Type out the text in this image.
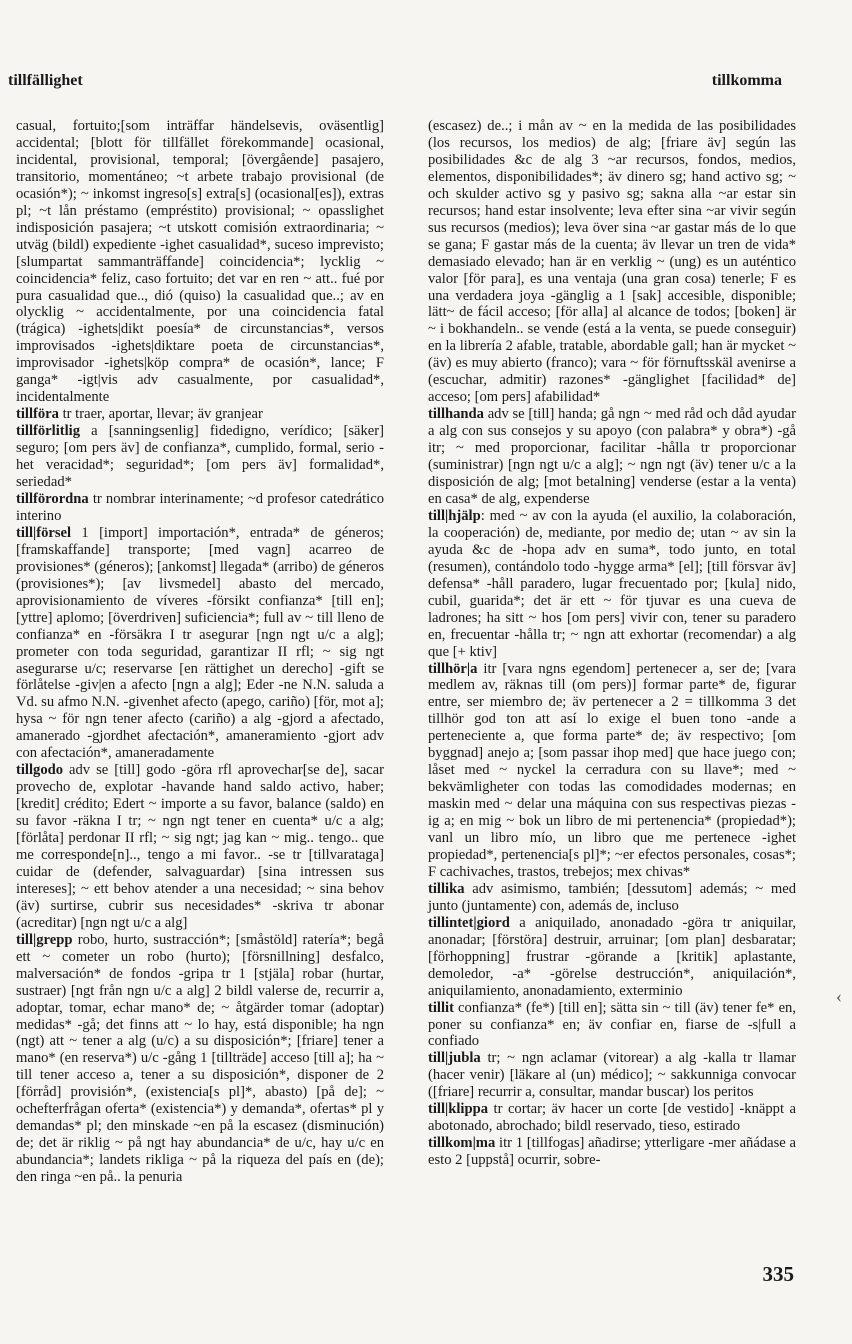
tillfällighet	tillkomma

casual, fortuito;[som inträffar händelsevis, oväsentlig] accidental; [blott för tillfället förekommande] ocasional, incidental, provisional, temporal; [övergående] pasajero, transitorio, momentáneo; ~t arbete trabajo provisional (de ocasión*); ~ inkomst ingreso[s] extra[s] (ocasional[es]), extras pl; ~t lån préstamo (empréstito) provisional; ~ opasslighet indisposición pasajera; ~t utskott comisión extraordinaria; ~ utväg (bildl) expediente -ighet casualidad*, suceso imprevisto; [slumpartat sammanträffande] coincidencia*; lycklig ~ coincidencia* feliz, caso fortuito; det var en ren ~ att.. fué por pura casualidad que.., dió (quiso) la casualidad que..; av en olycklig ~ accidentalmente, por una coincidencia fatal (trágica) -ighets|dikt poesía* de circunstancias*, versos improvisados -ighets|diktare poeta de circunstancias*, improvisador -ighets|köp compra* de ocasión*, lance; F ganga* -igt|vis adv casualmente, por casualidad*, incidentalmente

tillföra tr traer, aportar, llevar; äv granjear

tillförlitlig a [sanningsenlig] fidedigno, verídico; [säker] seguro; [om pers äv] de confianza*, cumplido, formal, serio -het veracidad*; seguridad*; [om pers äv] formalidad*, seriedad*

tillförordna tr nombrar interinamente; ~d profesor catedrático interino

till|försel 1 [import] importación*, entrada* de géneros; [framskaffande] transporte; [med vagn] acarreo de provisiones* (géneros); [ankomst] llegada* (arribo) de géneros (provisiones*); [av livsmedel] abasto del mercado, aprovisionamiento de víveres -försikt confianza* [till en]; [yttre] aplomo; [överdriven] suficiencia*; full av ~ till lleno de confianza* en -försäkra I tr asegurar [ngn ngt u/c a alg]; prometer con toda seguridad, garantizar II rfl; ~ sig ngt asegurarse u/c; reservarse [en rättighet un derecho] -gift se förlåtelse -giv|en a afecto [ngn a alg]; Eder -ne N.N. saluda a Vd. su afmo N.N. -givenhet afecto (apego, cariño) [för, mot a]; hysa ~ för ngn tener afecto (cariño) a alg -gjord a afectado, amanerado -gjordhet afectación*, amaneramiento -gjort adv con afectación*, amaneradamente

tillgodo adv se [till] godo -göra rfl aprovechar[se de], sacar provecho de, explotar -havande hand saldo activo, haber; [kredit] crédito; Edert ~ importe a su favor, balance (saldo) en su favor -räkna I tr; ~ ngn ngt tener en cuenta* u/c a alg; [förlåta] perdonar II rfl; ~ sig ngt; jag kan ~ mig.. tengo.. que me corresponde[n].., tengo a mi favor.. -se tr [tillvarataga] cuidar de (defender, salvaguardar) [sina intressen sus intereses]; ~ ett behov atender a una necesidad; ~ sina behov (äv) surtirse, cubrir sus necesidades* -skriva tr abonar (acreditar) [ngn ngt u/c a alg]

till|grepp robo, hurto, sustracción*; [småstöld] ratería*; begå ett ~ cometer un robo (hurto); [försnillning] desfalco, malversación* de fondos -gripa tr 1 [stjäla] robar (hurtar, sustraer) [ngt från ngn u/c a alg] 2 bildl valerse de, recurrir a, adoptar, tomar, echar mano* de; ~ åtgärder tomar (adoptar) medidas* -gå; det finns att ~ lo hay, está disponible; ha ngn (ngt) att ~ tener a alg (u/c) a su disposición*; [friare] tener a mano* (en reserva*) u/c -gång 1 [tillträde] acceso [till a]; ha ~ till tener acceso a, tener a su disposición*, disponer de 2 [förråd] provisión*, (existencia[s pl]*, abasto) [på de]; ~ ochefterfrågan oferta* (existencia*) y demanda*, ofertas* pl y demandas* pl; den minskade ~en på la escasez (disminución) de; det är riklig ~ på ngt hay abundancia* de u/c, hay u/c en abundancia*; landets rikliga ~ på la riqueza del país en (de); den ringa ~en på.. la penuria

(escasez) de..; i mån av ~ en la medida de las posibilidades (los recursos, los medios) de alg; [friare äv] según las posibilidades &c de alg 3 ~ar recursos, fondos, medios, elementos, disponibilidades*; äv dinero sg; hand activo sg; ~ och skulder activo sg y pasivo sg; sakna alla ~ar estar sin recursos; hand estar insolvente; leva efter sina ~ar vivir según sus recursos (medios); leva över sina ~ar gastar más de lo que se gana; F gastar más de la cuenta; äv llevar un tren de vida* demasiado elevado; han är en verklig ~ (ung) es un auténtico valor [för para], es una ventaja (una gran cosa) tenerle; F es una verdadera joya -gänglig a 1 [sak] accesible, disponible; lätt~ de fácil acceso; [för alla] al alcance de todos; [boken] är ~ i bokhandeln.. se vende (está a la venta, se puede conseguir) en la librería 2 afable, tratable, abordable gall; han är mycket ~ (äv) es muy abierto (franco); vara ~ för förnuftsskäl avenirse a (escuchar, admitir) razones* -gänglighet [facilidad* de] acceso; [om pers] afabilidad*

tillhanda adv se [till] handa; gå ngn ~ med råd och dåd ayudar a alg con sus consejos y su apoyo (con palabra* y obra*) -gå itr; ~ med proporcionar, facilitar -hålla tr proporcionar (suministrar) [ngn ngt u/c a alg]; ~ ngn ngt (äv) tener u/c a la disposición de alg; [mot betalning] venderse (estar a la venta) en casa* de alg, expenderse

till|hjälp: med ~ av con la ayuda (el auxilio, la colaboración, la cooperación) de, mediante, por medio de; utan ~ av sin la ayuda &c de -hopa adv en suma*, todo junto, en total (resumen), contándolo todo -hygge arma* [el]; [till försvar äv] defensa* -håll paradero, lugar frecuentado por; [kula] nido, cubil, guarida*; det är ett ~ för tjuvar es una cueva de ladrones; ha sitt ~ hos [om pers] vivir con, tener su paradero en, frecuentar -hålla tr; ~ ngn att exhortar (recomendar) a alg que [+ ktiv]

tillhör|a itr [vara ngns egendom] pertenecer a, ser de; [vara medlem av, räknas till (om pers)] formar parte* de, figurar entre, ser miembro de; äv pertenecer a 2 = tillkomma 3 det tillhör god ton att así lo exige el buen tono -ande a perteneciente a, que forma parte* de; äv respectivo; [om byggnad] anejo a; [som passar ihop med] que hace juego con; låset med ~ nyckel la cerradura con su llave*; med ~ bekvämligheter con todas las comodidades modernas; en maskin med ~ delar una máquina con sus respectivas piezas -ig a; en mig ~ bok un libro de mi pertenencia* (propiedad*); vanl un libro mío, un libro que me pertenece -ighet propiedad*, pertenencia[s pl]*; ~er efectos personales, cosas*; F cachivaches, trastos, trebejos; mex chivas*

tillika adv asimismo, también; [dessutom] además; ~ med junto (juntamente) con, además de, incluso

tillintet|giord a aniquilado, anonadado -göra tr aniquilar, anonadar; [förstöra] destruir, arruinar; [om plan] desbaratar; [förhoppning] frustrar -görande a [kritik] aplastante, demoledor, -a* -görelse destrucción*, aniquilación*, aniquilamiento, anonadamiento, exterminio

tillit confianza* (fe*) [till en]; sätta sin ~ till (äv) tener fe* en, poner su confianza* en; äv confiar en, fiarse de -s|full a confiado

till|jubla tr; ~ ngn aclamar (vitorear) a alg -kalla tr llamar (hacer venir) [läkare al (un) médico]; ~ sakkunniga convocar ([friare] recurrir a, consultar, mandar buscar) los peritos

till|klippa tr cortar; äv hacer un corte [de vestido] -knäppt a abotonado, abrochado; bildl reservado, tieso, estirado

tillkom|ma itr 1 [tillfogas] añadirse; ytterligare -mer añádase a esto 2 [uppstå] ocurrir, sobre-

‹
335
